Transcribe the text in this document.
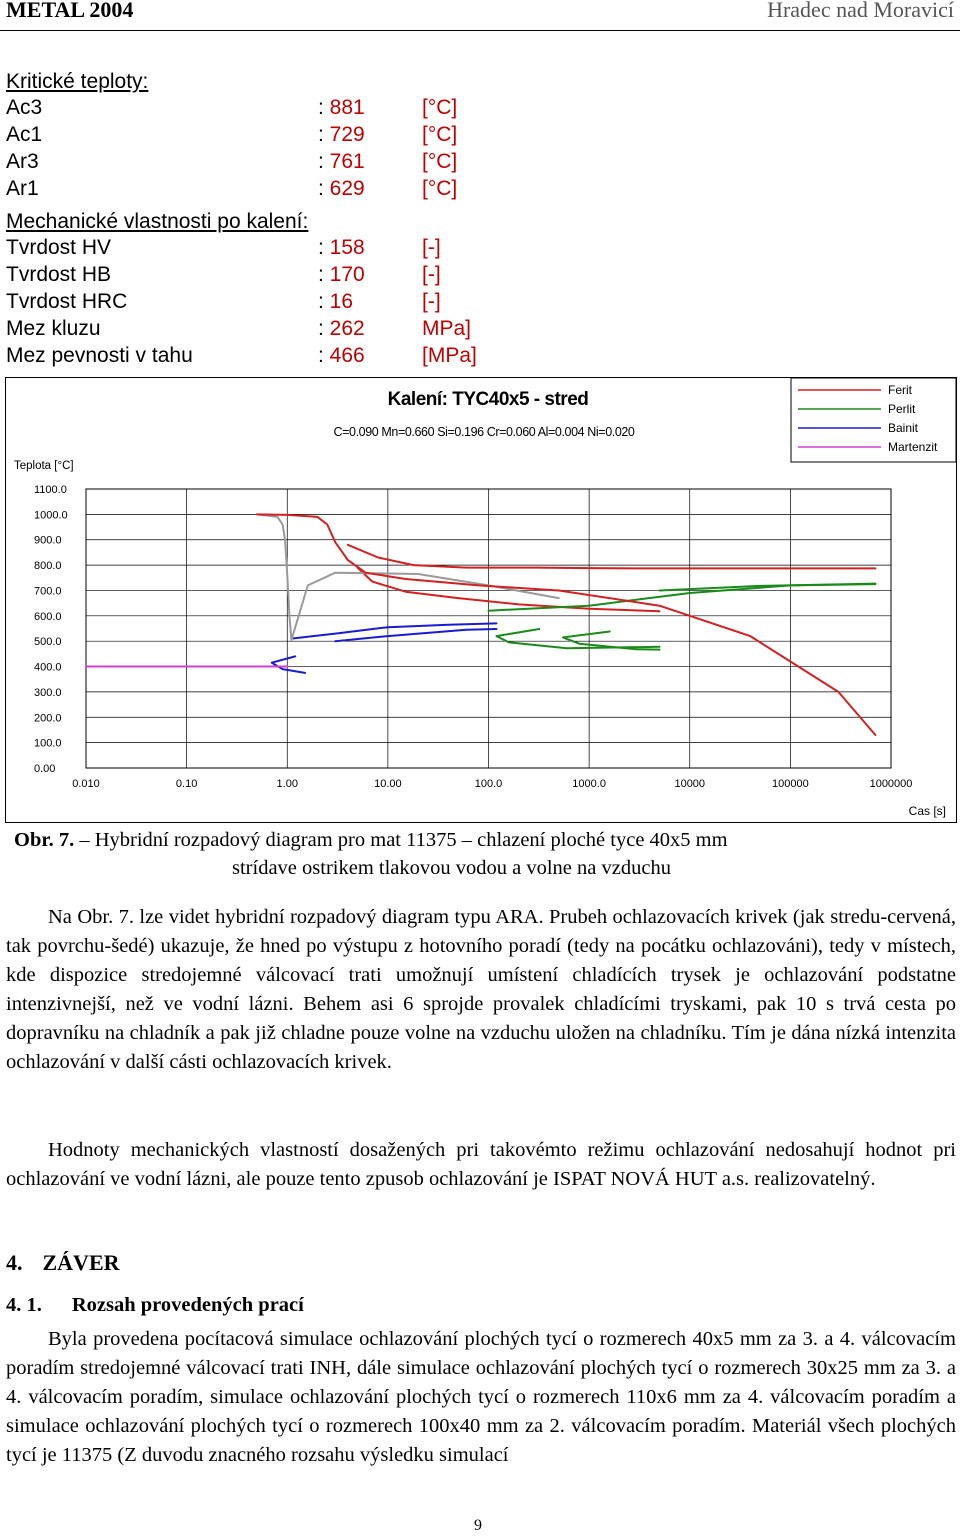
METAL 2004	Hradec nad Moravicí
Kritické teploty:
Ac3	: 881	[°C]
Ac1	: 729	[°C]
Ar3	: 761	[°C]
Ar1	: 629	[°C]
Mechanické vlastnosti po kalení:
Tvrdost HV	: 158	[-]
Tvrdost HB	: 170	[-]
Tvrdost HRC	: 16	[-]
Mez kluzu	: 262	MPa]
Mez pevnosti v tahu	: 466	[MPa]
1100.0
1000.0
900.0
800.0
700.0
600.0
500.0
400.0
300.0
200.0
100.0
0.00
0.010	0.10	1.00	10.00	100.0	1000.0	10000	100000	1000000
Kalení: TYC40x5 - stred
C=0.090 Mn=0.660 Si=0.196 Cr=0.060 Al=0.004 Ni=0.020
Teplota [°C]
Cas [s]
Ferit
Perlit
Bainit
Martenzit
Obr. 7. – Hybridní rozpadový diagram pro mat 11375 – chlazení ploché tyce 40x5 mm
strídave ostrikem tlakovou vodou a volne na vzduchu
Na Obr. 7. lze videt hybridní rozpadový diagram typu ARA. Prubeh ochlazovacích krivek (jak stredu-cervená, tak povrchu-šedé) ukazuje, že hned po výstupu z hotovního poradí (tedy na pocátku ochlazováni), tedy v místech, kde dispozice stredojemné válcovací trati umožnují umístení chladících trysek je ochlazování podstatne intenzivnejší, než ve vodní lázni. Behem asi 6 sprojde provalek chladícími tryskami, pak 10 s trvá cesta po dopravníku na chladník a pak již chladne pouze volne na vzduchu uložen na chladníku. Tím je dána nízká intenzita ochlazování v další cásti ochlazovacích krivek.
Hodnoty mechanických vlastností dosažených pri takovémto režimu ochlazování nedosahují hodnot pri ochlazování ve vodní lázni, ale pouze tento zpusob ochlazování je ISPAT NOVÁ HUT a.s. realizovatelný.
4. ZÁVER
4. 1. Rozsah provedených prací
Byla provedena pocítacová simulace ochlazování plochých tycí o rozmerech 40x5 mm za 3. a 4. válcovacím poradím stredojemné válcovací trati INH, dále simulace ochlazování plochých tycí o rozmerech 30x25 mm za 3. a 4. válcovacím poradím, simulace ochlazování plochých tycí o rozmerech 110x6 mm za 4. válcovacím poradím a simulace ochlazování plochých tycí o rozmerech 100x40 mm za 2. válcovacím poradím. Materiál všech plochých tycí je 11375 (Z duvodu znacného rozsahu výsledku simulací
9
